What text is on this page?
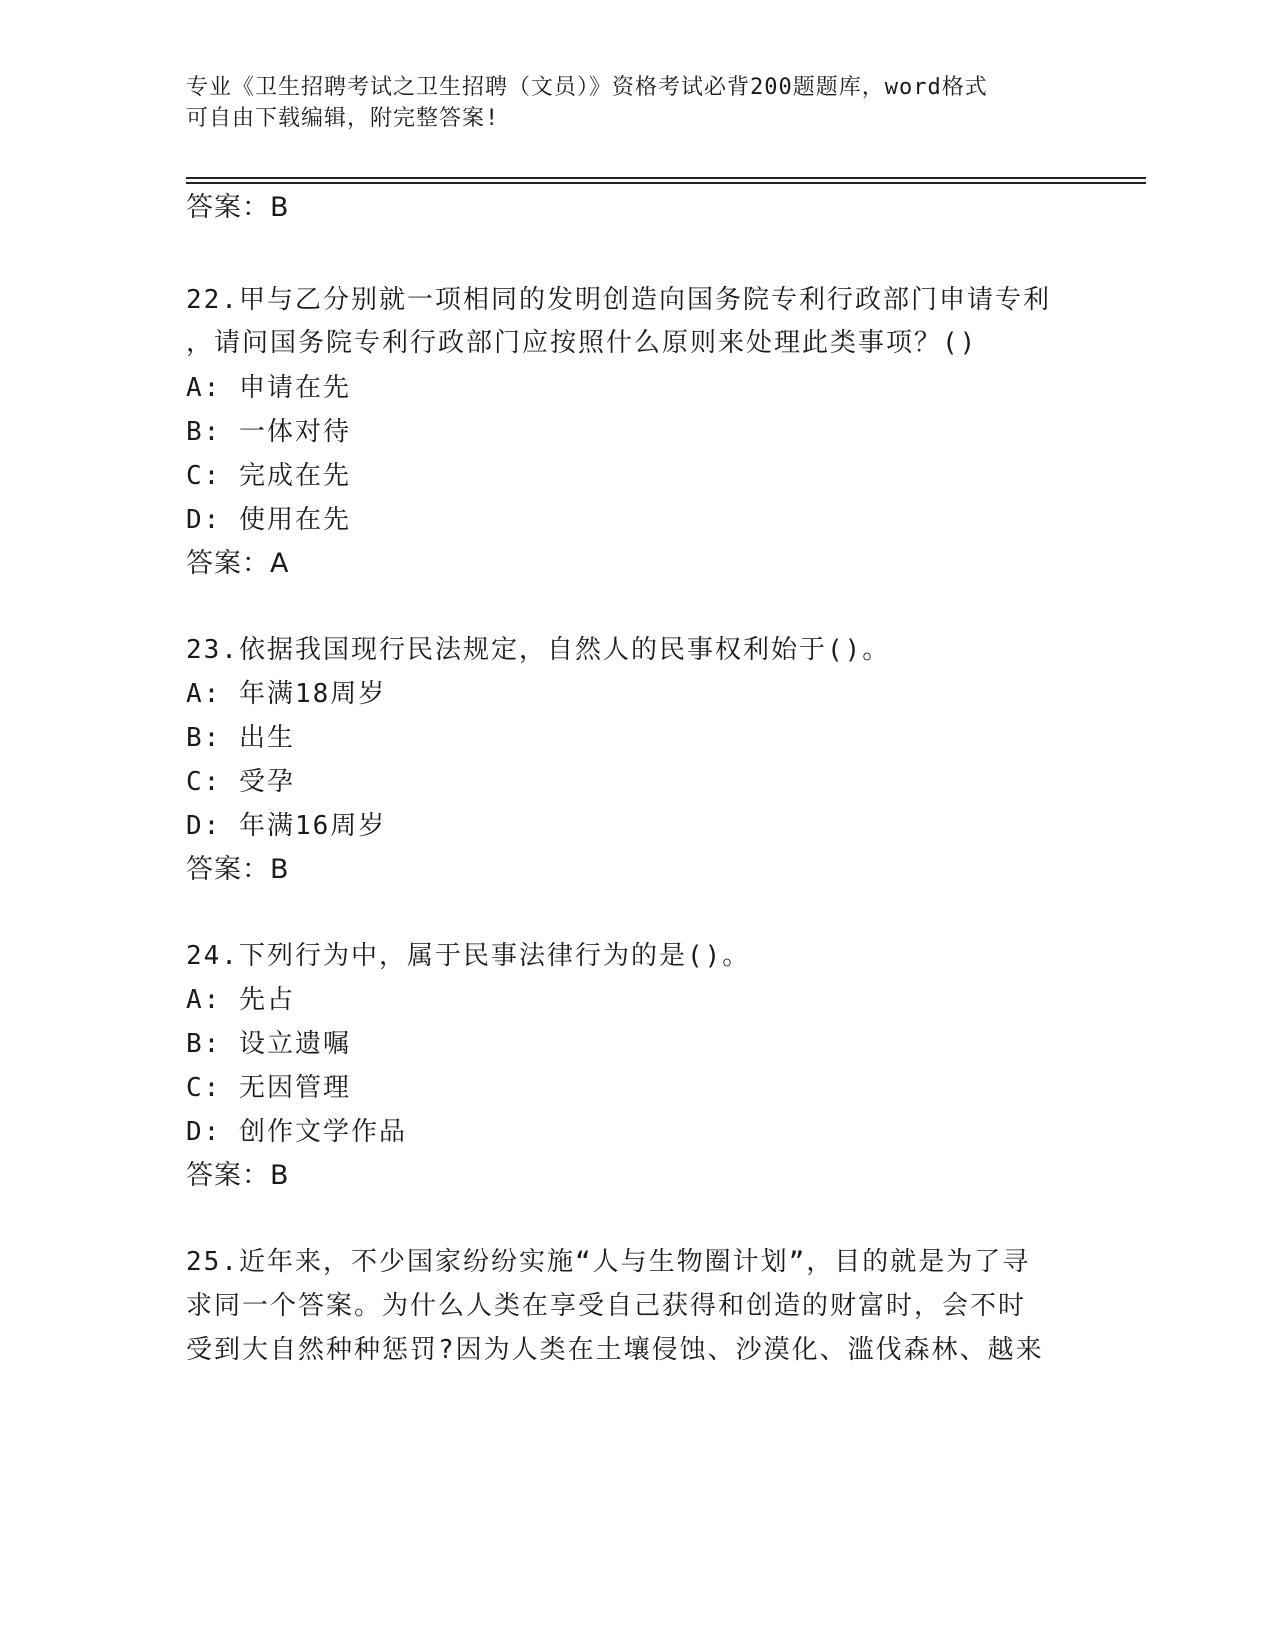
专业《卫生招聘考试之卫生招聘（文员）》资格考试必背200题题库，word格式
可自由下载编辑，附完整答案!
答案：B
22.甲与乙分别就一项相同的发明创造向国务院专利行政部门申请专利
，请问国务院专利行政部门应按照什么原则来处理此类事项？()
A: 申请在先
B: 一体对待
C: 完成在先
D: 使用在先
答案：A
23.依据我国现行民法规定，自然人的民事权利始于()。
A: 年满18周岁
B: 出生
C: 受孕
D: 年满16周岁
答案：B
24.下列行为中，属于民事法律行为的是()。
A: 先占
B: 设立遗嘱
C: 无因管理
D: 创作文学作品
答案：B
25.近年来，不少国家纷纷实施“人与生物圈计划”，目的就是为了寻
求同一个答案。为什么人类在享受自己获得和创造的财富时，会不时
受到大自然种种惩罚?因为人类在土壤侵蚀、沙漠化、滥伐森林、越来
